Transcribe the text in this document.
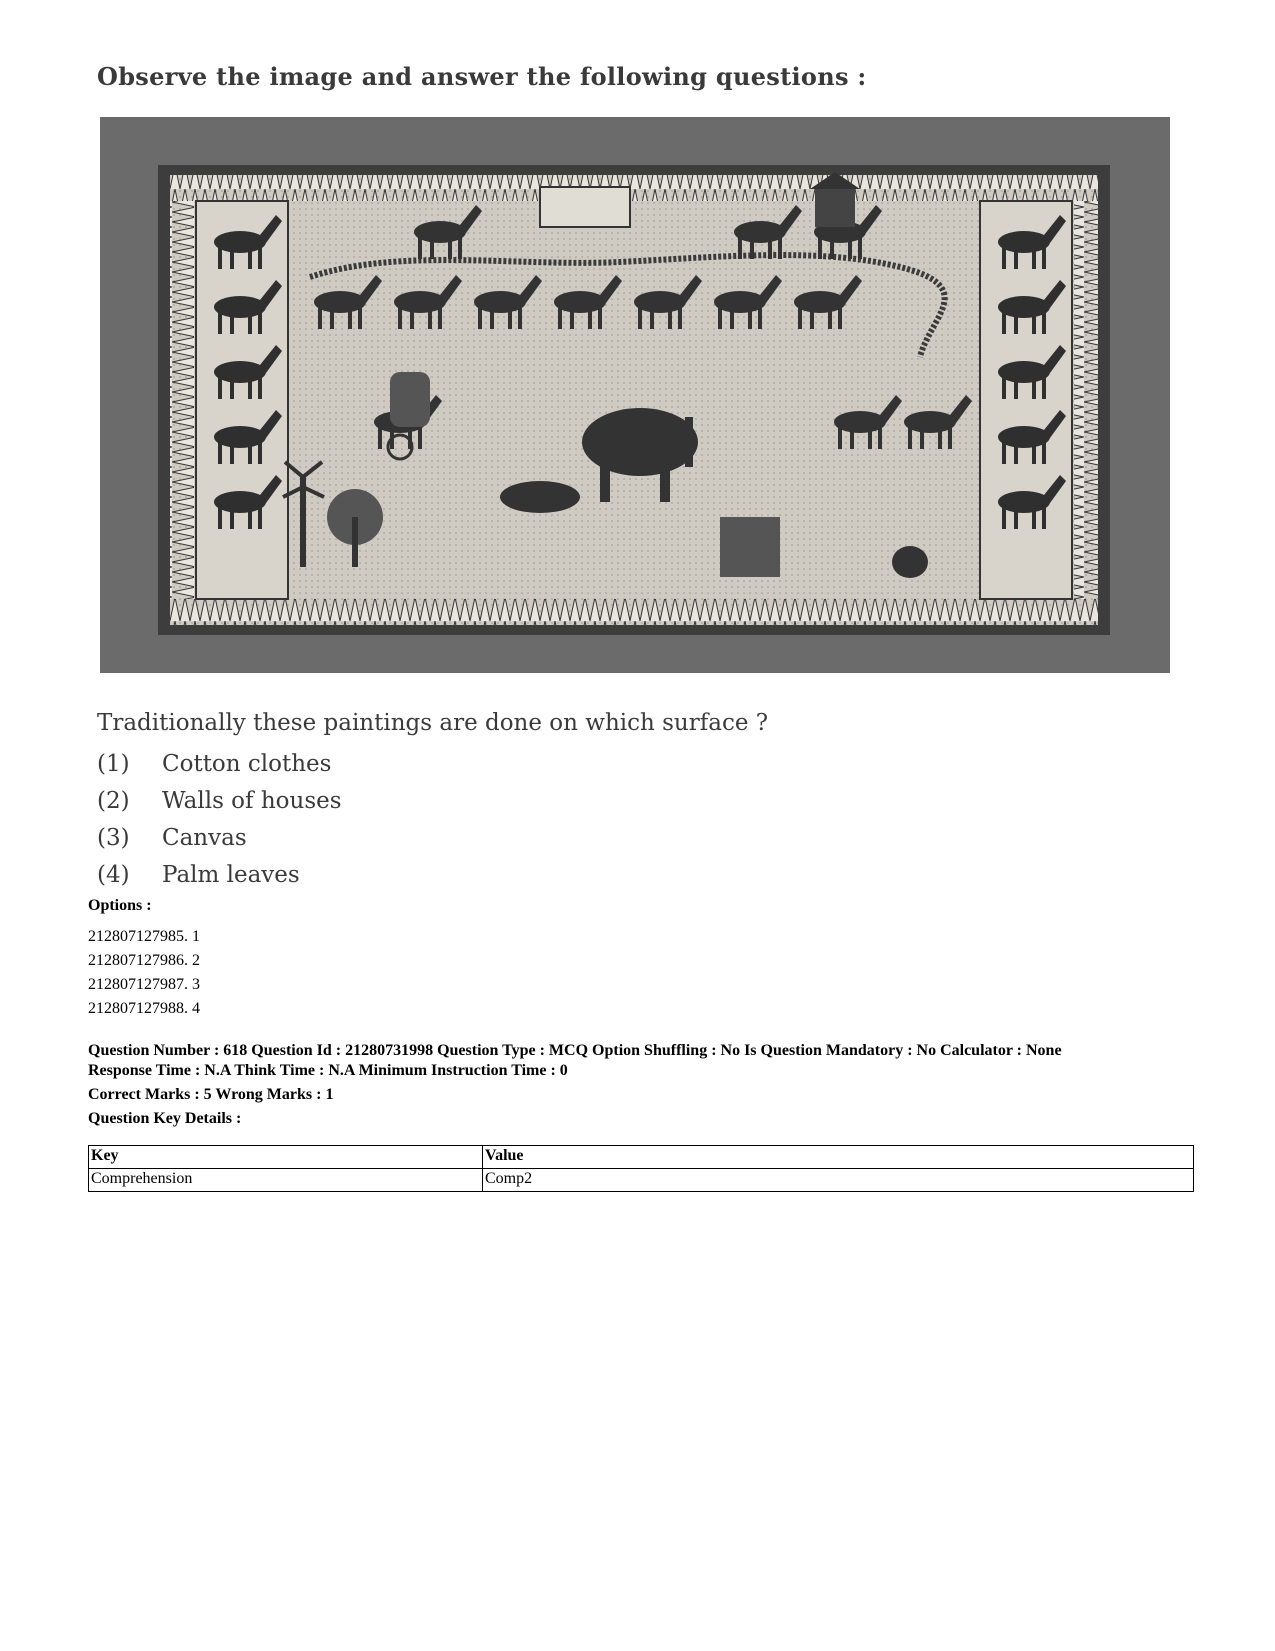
Observe the image and answer the following questions :
Traditionally these paintings are done on which surface ?
(1) Cotton clothes
(2) Walls of houses
(3) Canvas
(4) Palm leaves
Options :
212807127985. 1
212807127986. 2
212807127987. 3
212807127988. 4
Question Number : 618 Question Id : 21280731998 Question Type : MCQ Option Shuffling : No Is Question Mandatory : No Calculator : None
Response Time : N.A Think Time : N.A Minimum Instruction Time : 0
Correct Marks : 5 Wrong Marks : 1
Question Key Details :
Key	Value
Comprehension	Comp2
